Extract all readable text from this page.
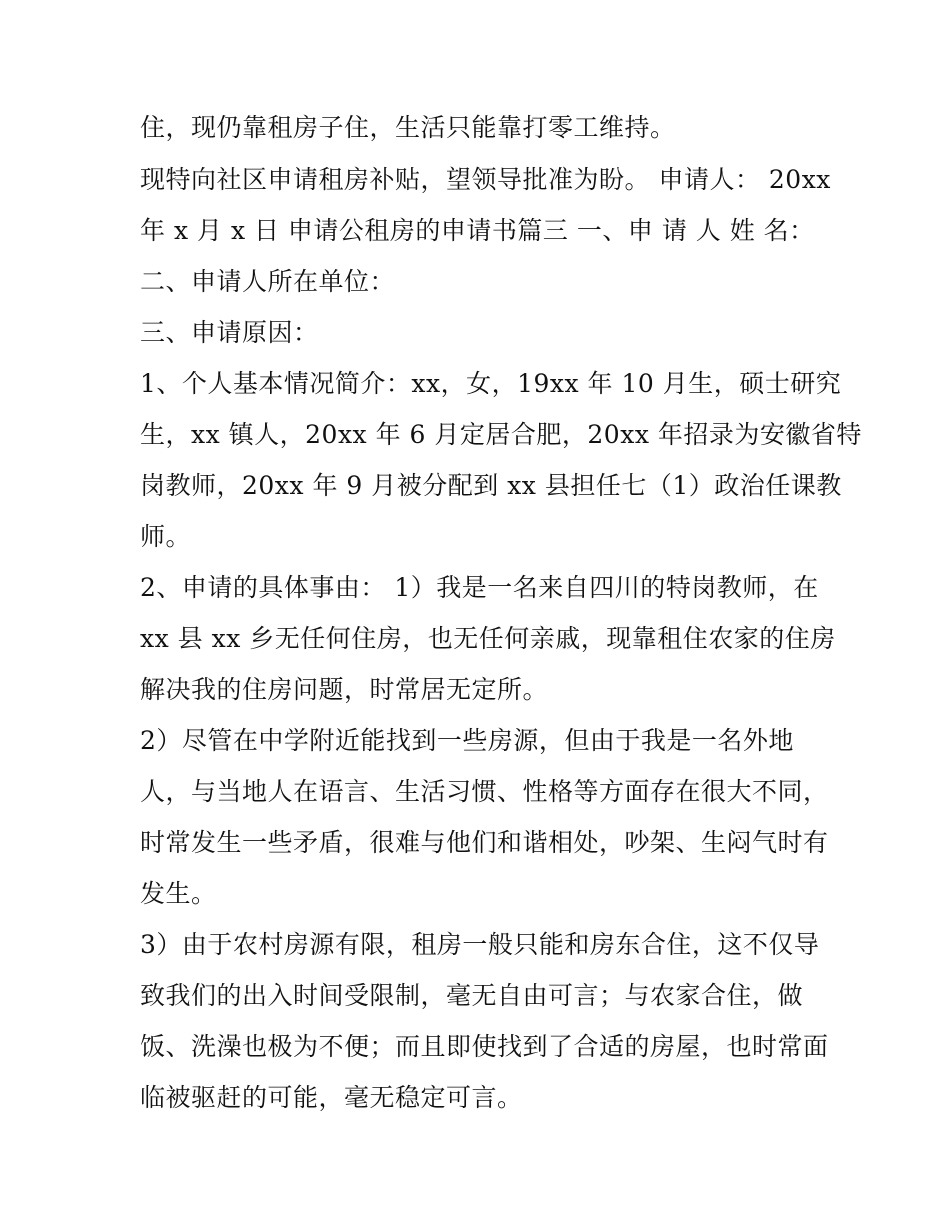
住，现仍靠租房子住，生活只能靠打零工维持。
现特向社区申请租房补贴，望领导批准为盼。 申请人： 20xx
年 x 月 x 日 申请公租房的申请书篇三 一、申 请 人 姓 名：
二、申请人所在单位：
三、申请原因：
1、个人基本情况简介：xx，女，19xx 年 10 月生，硕士研究
生，xx 镇人，20xx 年 6 月定居合肥，20xx 年招录为安徽省特
岗教师，20xx 年 9 月被分配到 xx 县担任七（1）政治任课教
师。
2、申请的具体事由： 1）我是一名来自四川的特岗教师，在
xx 县 xx 乡无任何住房，也无任何亲戚，现靠租住农家的住房
解决我的住房问题，时常居无定所。
2）尽管在中学附近能找到一些房源，但由于我是一名外地
人，与当地人在语言、生活习惯、性格等方面存在很大不同，
时常发生一些矛盾，很难与他们和谐相处，吵架、生闷气时有
发生。
3）由于农村房源有限，租房一般只能和房东合住，这不仅导
致我们的出入时间受限制，毫无自由可言；与农家合住，做
饭、洗澡也极为不便；而且即使找到了合适的房屋，也时常面
临被驱赶的可能，毫无稳定可言。
